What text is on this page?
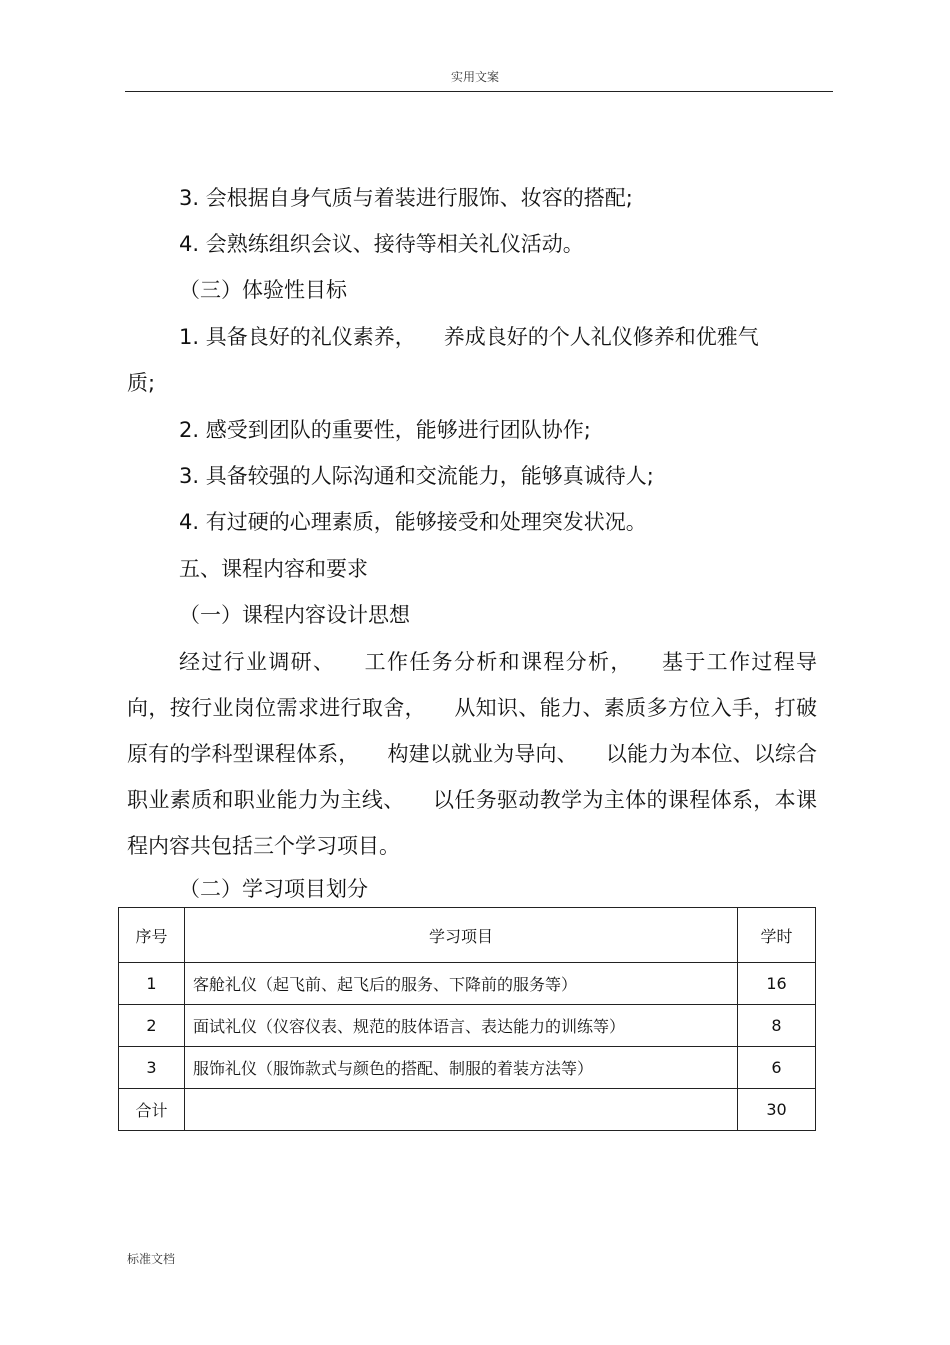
实用文案
3. 会根据自身气质与着装进行服饰、妆容的搭配;
4. 会熟练组织会议、接待等相关礼仪活动。
（三）体验性目标
1. 具备良好的礼仪素养， 养成良好的个人礼仪修养和优雅气
质;
2. 感受到团队的重要性，能够进行团队协作;
3. 具备较强的人际沟通和交流能力，能够真诚待人;
4. 有过硬的心理素质，能够接受和处理突发状况。
五、课程内容和要求
（一）课程内容设计思想
经过行业调研、 工作任务分析和课程分析， 基于工作过程导向，按行业岗位需求进行取舍， 从知识、能力、素质多方位入手，打破原有的学科型课程体系， 构建以就业为导向、 以能力为本位、以综合职业素质和职业能力为主线、 以任务驱动教学为主体的课程体系，本课程内容共包括三个学习项目。
（二）学习项目划分
序号	学习项目	学时
1	客舱礼仪（起飞前、起飞后的服务、下降前的服务等）	16
2	面试礼仪（仪容仪表、规范的肢体语言、表达能力的训练等）	8
3	服饰礼仪（服饰款式与颜色的搭配、制服的着装方法等）	6
合计		30
标准文档
